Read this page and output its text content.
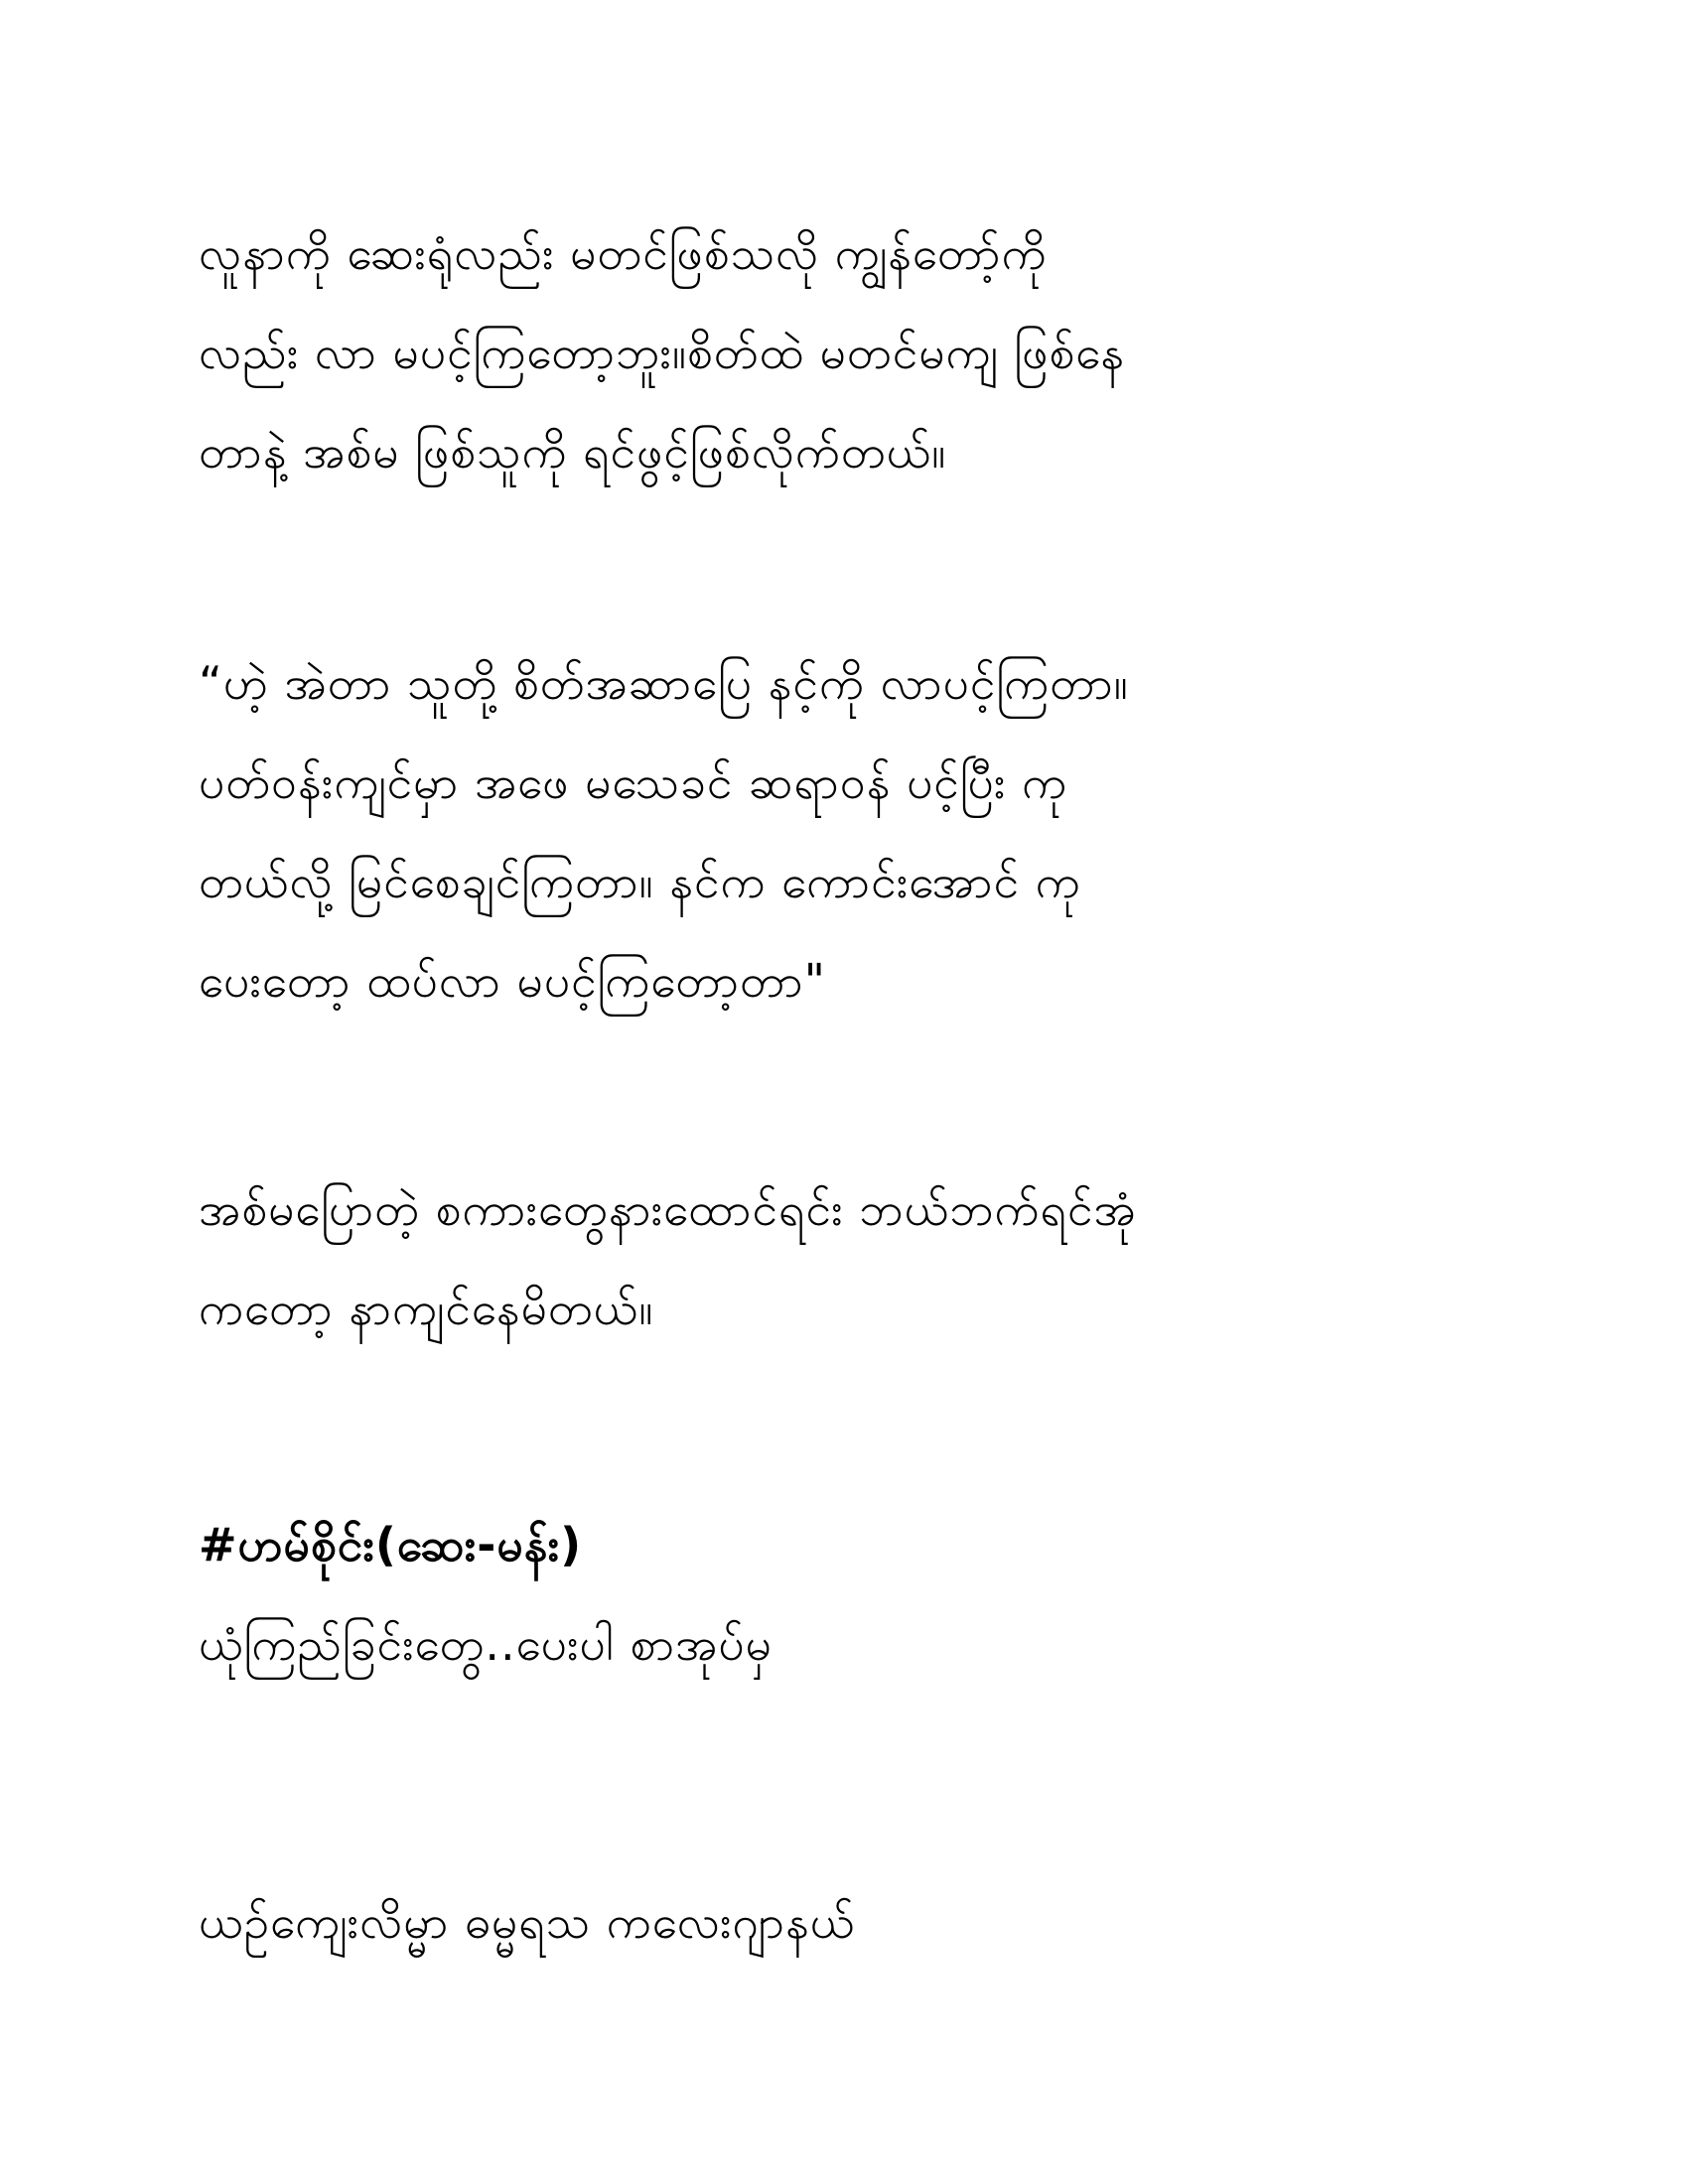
လူနာကို ဆေးရုံလည်း မတင်ဖြစ်သလို ကျွန်တော့်ကို
လည်း လာ မပင့်ကြတော့ဘူး။စိတ်ထဲ မတင်မကျ ဖြစ်နေ
တာနဲ့ အစ်မ ဖြစ်သူကို ရင်ဖွင့်ဖြစ်လိုက်တယ်။
“ဟဲ့ အဲတာ သူတို့ စိတ်အဆာပြေ နင့်ကို လာပင့်ကြတာ။
ပတ်ဝန်းကျင်မှာ အဖေ မသေခင် ဆရာဝန် ပင့်ပြီး ကု
တယ်လို့ မြင်စေချင်ကြတာ။ နင်က ကောင်းအောင် ကု
ပေးတော့ ထပ်လာ မပင့်ကြတော့တာ"
အစ်မပြောတဲ့ စကားတွေနားထောင်ရင်း ဘယ်ဘက်ရင်အုံ
ကတော့ နာကျင်နေမိတယ်။
#ဟမ်စိုင်း(ဆေး-မန်း)
ယုံကြည်ခြင်းတွေ..ပေးပါ စာအုပ်မှ
ယဉ်ကျေးလိမ္မာ ဓမ္မရသ ကလေးဂျာနယ်
